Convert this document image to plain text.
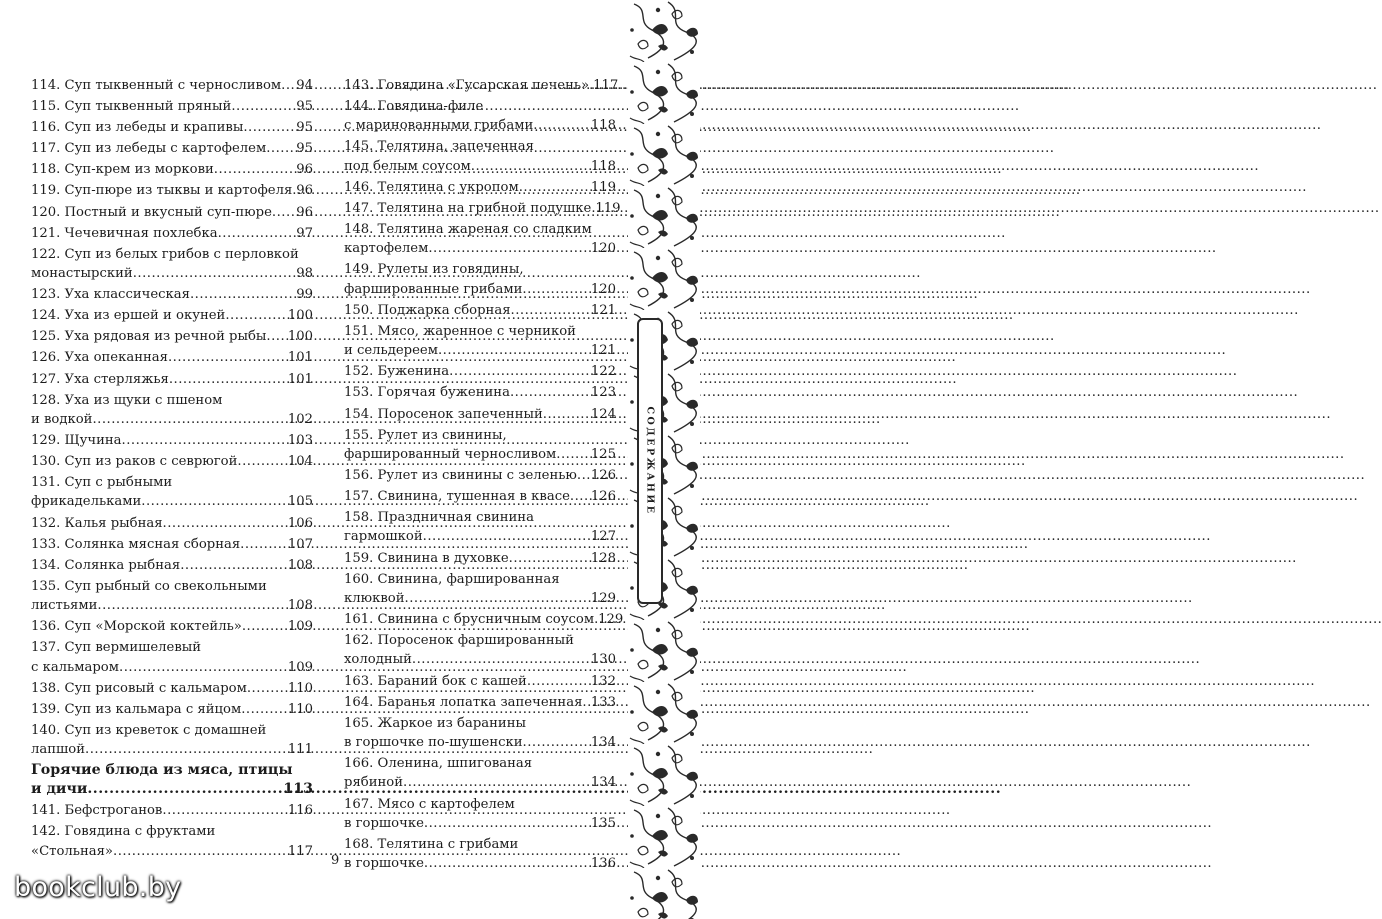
114. Суп тыквенный с черносливом ..... 94
115. Суп тыквенный пряный .....	95
116. Суп из лебеды и крапивы .....	95
117. Суп из лебеды с картофелем ..... 95
118. Суп-крем из моркови .....	96
119. Суп-пюре из тыквы и картофеля ..... 96
120. Постный и вкусный суп-пюре ..... 96
121. Чечевичная похлебка .....	97
122. Суп из белых грибов с перловкой
монастырский .....	98
123. Уха классическая .....	99
124. Уха из ершей и окуней .....	100
125. Уха рядовая из речной рыбы ..... 100
126. Уха опеканная .....	101
127. Уха стерляжья .....	101
128. Уха из щуки с пшеном
и водкой .....	102
129. Щучина .....	103
130. Суп из раков с севрюгой .....	104
131. Суп с рыбными
фрикадельками .....	105
132. Калья рыбная .....	106
133. Солянка мясная сборная .....	107
134. Солянка рыбная .....	108
135. Суп рыбный со свекольными
листьями .....	108
136. Суп «Морской коктейль» .....	109
137. Суп вермишелевый
с кальмаром .....	109
138. Суп рисовый с кальмаром .....	110
139. Суп из кальмара с яйцом .....	110
140. Суп из креветок с домашней
лапшой .....	111
Горячие блюда из мяса, птицы
и дичи .....	113
141. Бефстроганов .....	116
142. Говядина с фруктами
«Стольная» .....	117
143. Говядина «Гусарская печень» ..... 117
144. Говядина-филе
с маринованными грибами .....	118
145. Телятина, запеченная
под белым соусом .....	118
146. Телятина с укропом .....	119
147. Телятина на грибной подушке ..... 119
148. Телятина жареная со сладким
картофелем .....	120
149. Рулеты из говядины,
фаршированные грибами .....	120
150. Поджарка сборная .....	121
151. Мясо, жаренное с черникой
и сельдереем .....	121
152. Буженина .....	122
153. Горячая буженина .....	123
154. Поросенок запеченный .....	124
155. Рулет из свинины,
фаршированный черносливом .....	125
156. Рулет из свинины с зеленью ..... 126
157. Свинина, тушенная в квасе ..... 126
158. Праздничная свинина
гармошкой .....	127
159. Свинина в духовке .....	128
160. Свинина, фаршированная
клюквой .....	129
161. Свинина с брусничным соусом ..... 129
162. Поросенок фаршированный
холодный .....	130
163. Бараний бок с кашей .....	132
164. Баранья лопатка запеченная ..... 133
165. Жаркое из баранины
в горшочке по-шушенски .....	134
166. Оленина, шпигованая
рябиной .....	134
167. Мясо с картофелем
в горшочке .....	135
168. Телятина с грибами
в горшочке .....	136
СОДЕРЖАНИЕ
9
bookclub.by
